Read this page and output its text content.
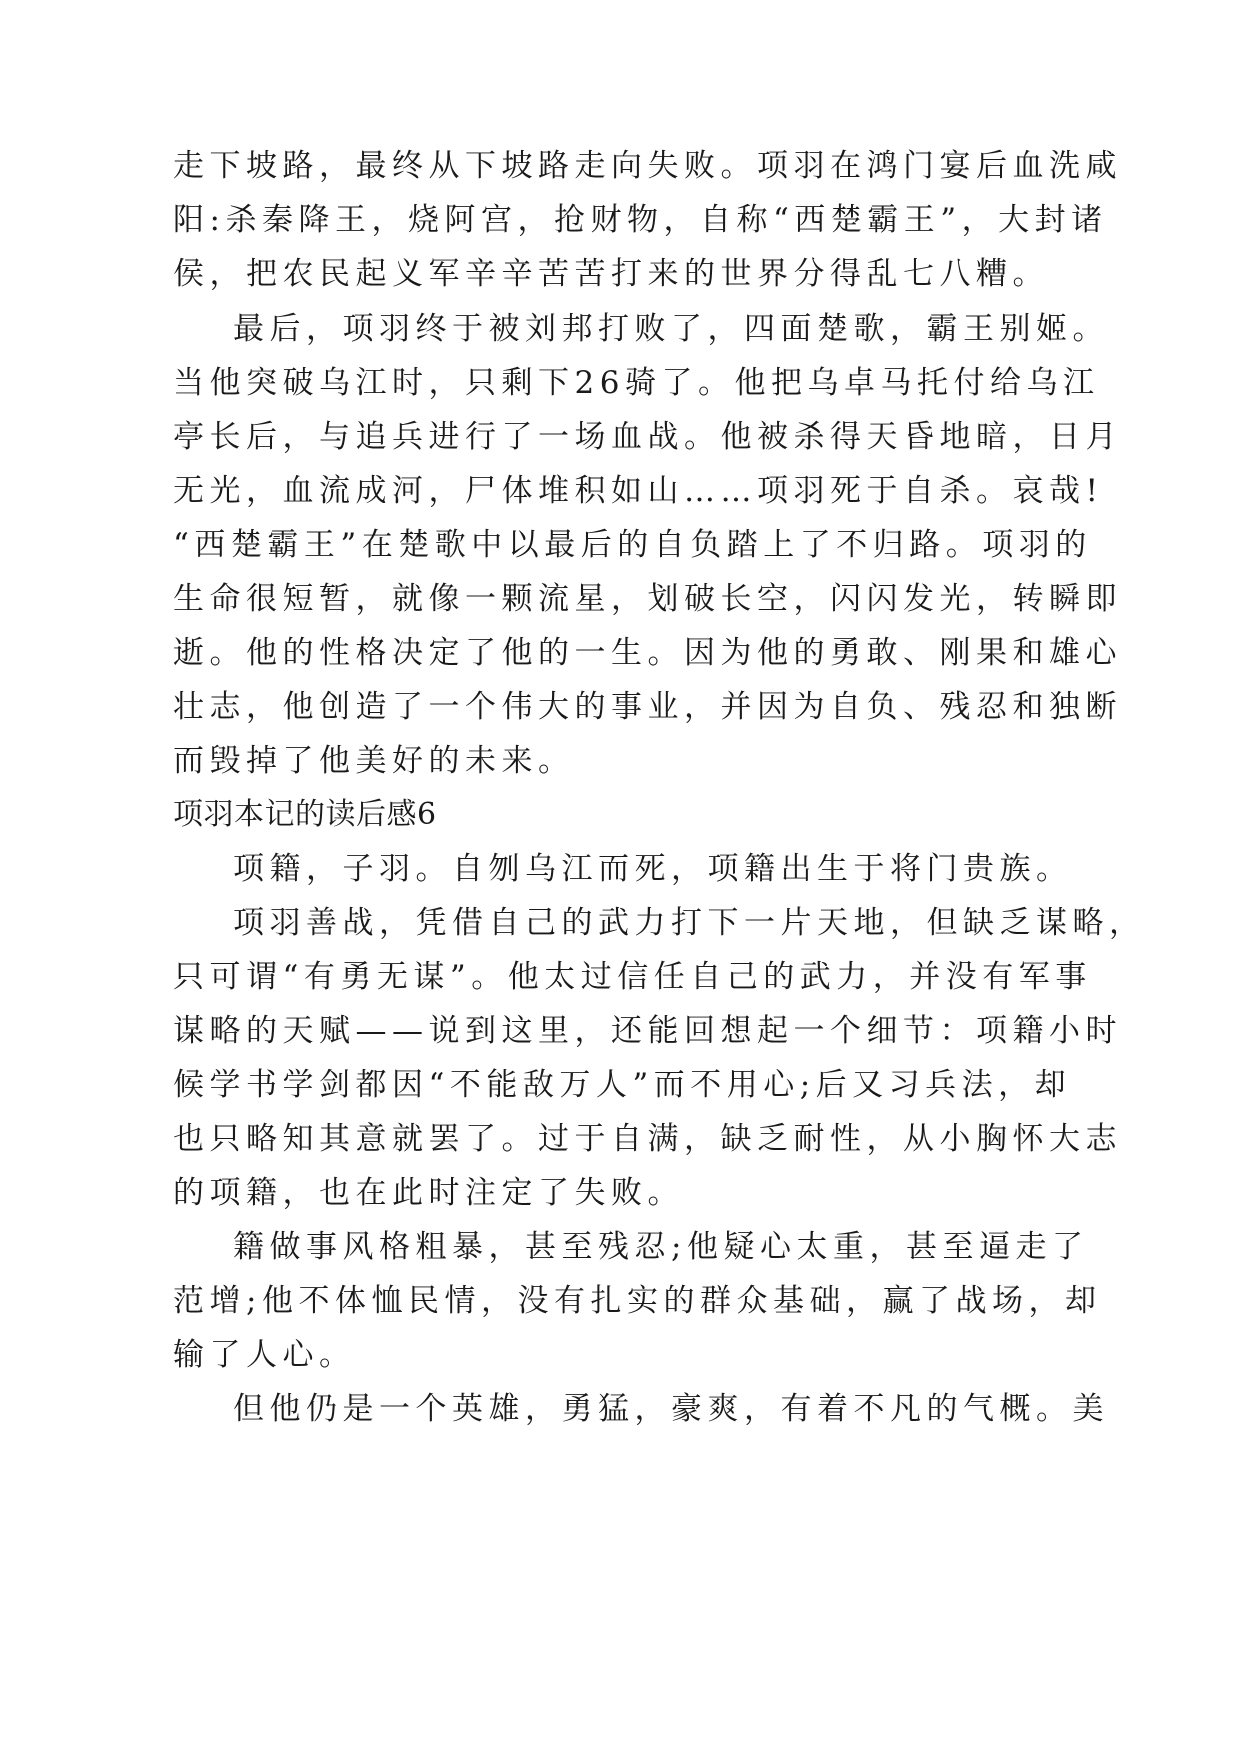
走下坡路，最终从下坡路走向失败。项羽在鸿门宴后血洗咸
阳:杀秦降王，烧阿宫，抢财物，自称“西楚霸王”，大封诸
侯，把农民起义军辛辛苦苦打来的世界分得乱七八糟。
最后，项羽终于被刘邦打败了，四面楚歌，霸王别姬。
当他突破乌江时，只剩下26骑了。他把乌卓马托付给乌江
亭长后，与追兵进行了一场血战。他被杀得天昏地暗，日月
无光，血流成河，尸体堆积如山……项羽死于自杀。哀哉!
“西楚霸王”在楚歌中以最后的自负踏上了不归路。项羽的
生命很短暂，就像一颗流星，划破长空，闪闪发光，转瞬即
逝。他的性格决定了他的一生。因为他的勇敢、刚果和雄心
壮志，他创造了一个伟大的事业，并因为自负、残忍和独断
而毁掉了他美好的未来。
项羽本记的读后感6
项籍，子羽。自刎乌江而死，项籍出生于将门贵族。
项羽善战，凭借自己的武力打下一片天地，但缺乏谋略，
只可谓“有勇无谋”。他太过信任自己的武力，并没有军事
谋略的天赋——说到这里，还能回想起一个细节：项籍小时
候学书学剑都因“不能敌万人”而不用心;后又习兵法，却
也只略知其意就罢了。过于自满，缺乏耐性，从小胸怀大志
的项籍，也在此时注定了失败。
籍做事风格粗暴，甚至残忍;他疑心太重，甚至逼走了
范增;他不体恤民情，没有扎实的群众基础，赢了战场，却
输了人心。
但他仍是一个英雄，勇猛，豪爽，有着不凡的气概。美
